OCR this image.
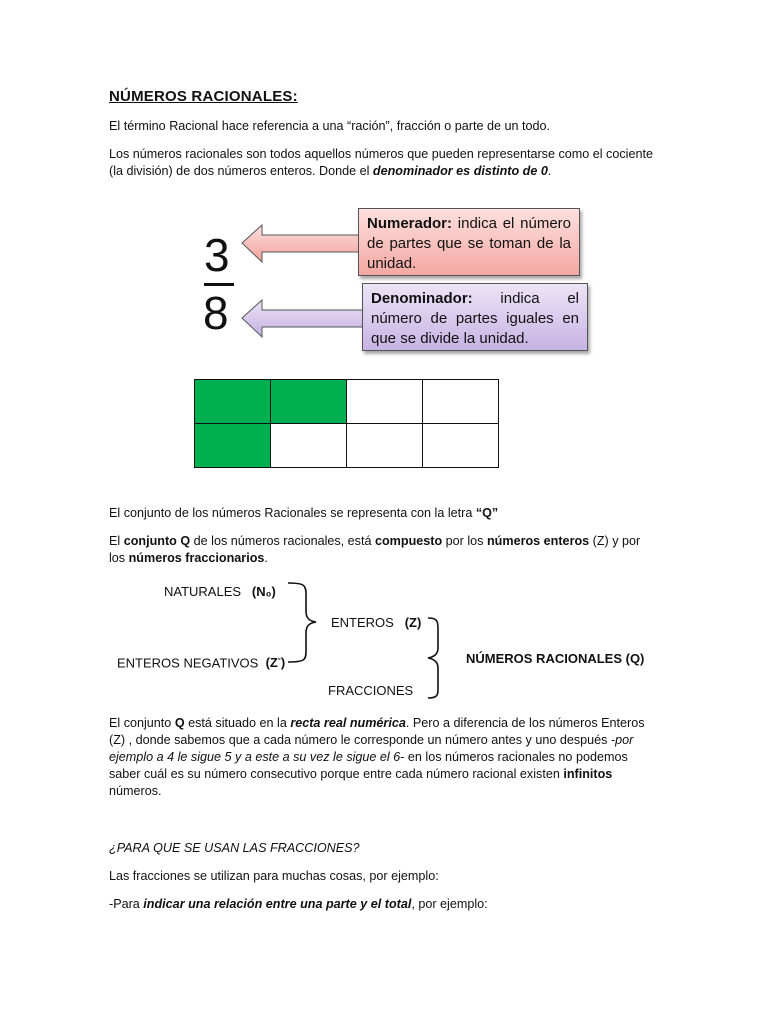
NÚMEROS RACIONALES:

El término Racional hace referencia a una “ración”, fracción o parte de un todo.

Los números racionales son todos aquellos números que pueden representarse como el cociente (la división) de dos números enteros. Donde el denominador es distinto de 0.

3
8
Numerador: indica el número de partes que se toman de la unidad.
Denominador: indica el número de partes iguales en que se divide la unidad.

El conjunto de los números Racionales se representa con la letra “Q”

El conjunto Q de los números racionales, está compuesto por los números enteros (Z) y por los números fraccionarios.

NATURALES (N₀)
ENTEROS NEGATIVOS (Z-)
ENTEROS (Z)
FRACCIONES
NÚMEROS RACIONALES (Q)

El conjunto Q está situado en la recta real numérica. Pero a diferencia de los números Enteros (Z) , donde sabemos que a cada número le corresponde un número antes y uno después -por ejemplo a 4 le sigue 5 y a este a su vez le sigue el 6- en los números racionales no podemos saber cuál es su número consecutivo porque entre cada número racional existen infinitos números.

¿PARA QUE SE USAN LAS FRACCIONES?

Las fracciones se utilizan para muchas cosas, por ejemplo:

-Para indicar una relación entre una parte y el total, por ejemplo:
